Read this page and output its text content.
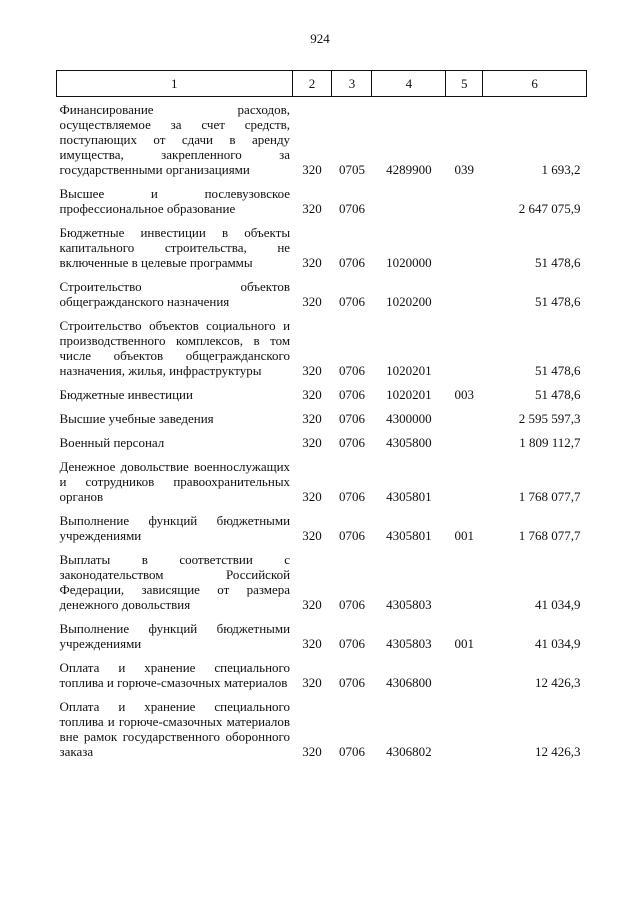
924
1	2	3	4	5	6
Финансирование расходов, осуществляемое за счет средств, поступающих от сдачи в аренду имущества, закрепленного за государственными организациями	320	0705	4289900	039	1 693,2
Высшее и послевузовское профессиональное образование	320	0706			2 647 075,9
Бюджетные инвестиции в объекты капитального строительства, не включенные в целевые программы	320	0706	1020000		51 478,6
Строительство объектов общегражданского назначения	320	0706	1020200		51 478,6
Строительство объектов социального и производственного комплексов, в том числе объектов общегражданского назначения, жилья, инфраструктуры	320	0706	1020201		51 478,6
Бюджетные инвестиции	320	0706	1020201	003	51 478,6
Высшие учебные заведения	320	0706	4300000		2 595 597,3
Военный персонал	320	0706	4305800		1 809 112,7
Денежное довольствие военнослужащих и сотрудников правоохранительных органов	320	0706	4305801		1 768 077,7
Выполнение функций бюджетными учреждениями	320	0706	4305801	001	1 768 077,7
Выплаты в соответствии с законодательством Российской Федерации, зависящие от размера денежного довольствия	320	0706	4305803		41 034,9
Выполнение функций бюджетными учреждениями	320	0706	4305803	001	41 034,9
Оплата и хранение специального топлива и горюче-смазочных материалов	320	0706	4306800		12 426,3
Оплата и хранение специального топлива и горюче-смазочных материалов вне рамок государственного оборонного заказа	320	0706	4306802		12 426,3
